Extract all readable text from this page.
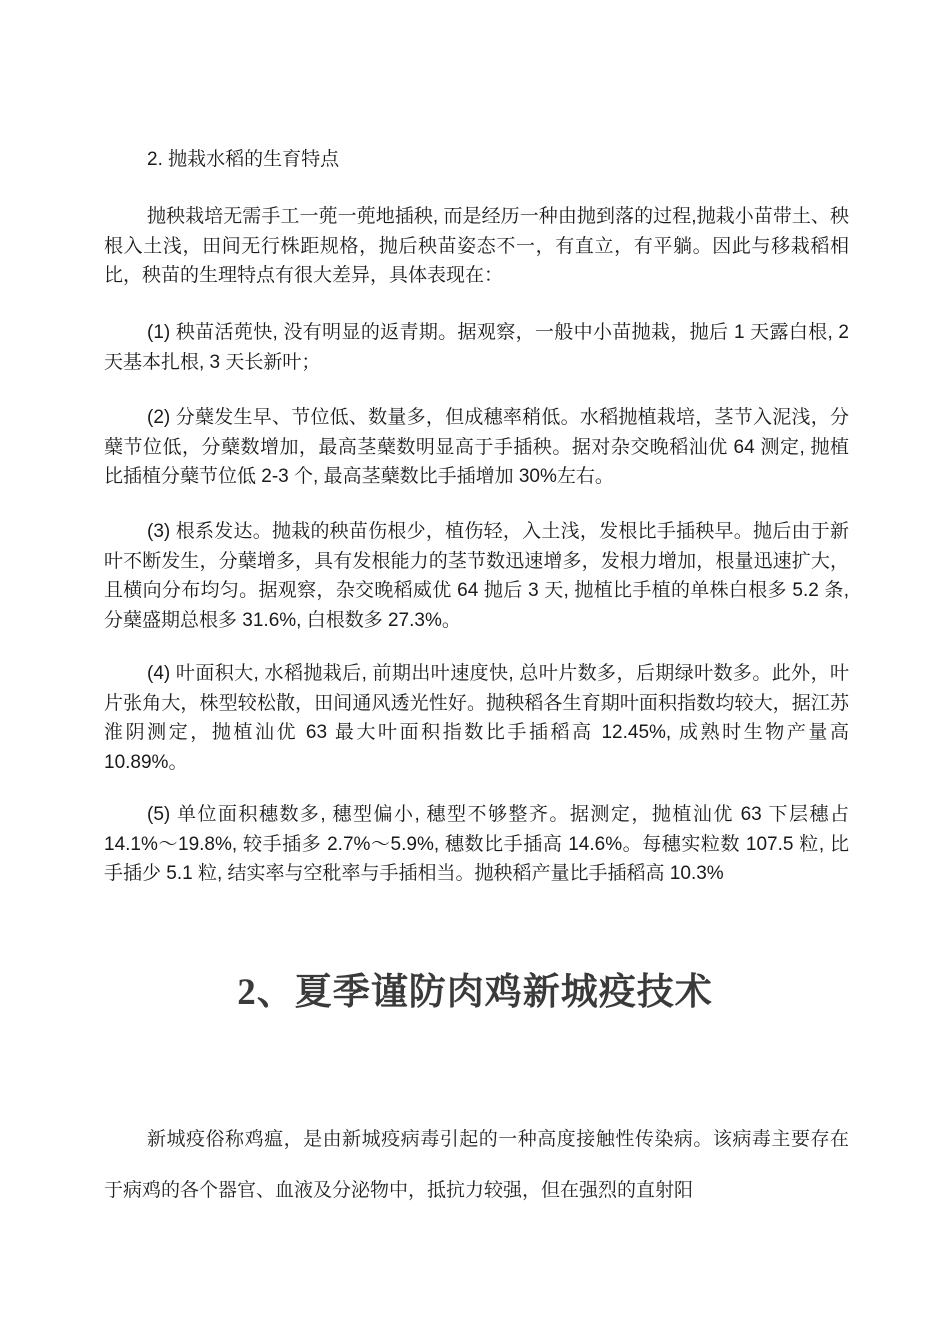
2. 抛栽水稻的生育特点

抛秧栽培无需手工一蔸一蔸地插秧, 而是经历一种由抛到落的过程,抛栽小苗带土、秧根入土浅，田间无行株距规格，抛后秧苗姿态不一，有直立，有平躺。因此与移栽稻相比，秧苗的生理特点有很大差异，具体表现在：

(1) 秧苗活蔸快, 没有明显的返青期。据观察，一般中小苗抛栽，抛后 1 天露白根, 2 天基本扎根, 3 天长新叶；

(2) 分蘖发生早、节位低、数量多，但成穗率稍低。水稻抛植栽培，茎节入泥浅，分蘖节位低，分蘖数增加，最高茎蘖数明显高于手插秧。据对杂交晚稻汕优 64 测定, 抛植比插植分蘖节位低 2-3 个, 最高茎蘖数比手插增加 30%左右。

(3) 根系发达。抛栽的秧苗伤根少，植伤轻，入土浅，发根比手插秧早。抛后由于新叶不断发生，分蘖增多，具有发根能力的茎节数迅速增多，发根力增加，根量迅速扩大，且横向分布均匀。据观察，杂交晚稻威优 64 抛后 3 天, 抛植比手植的单株白根多 5.2 条, 分蘖盛期总根多 31.6%, 白根数多 27.3%。

(4) 叶面积大, 水稻抛栽后, 前期出叶速度快, 总叶片数多，后期绿叶数多。此外，叶片张角大，株型较松散，田间通风透光性好。抛秧稻各生育期叶面积指数均较大，据江苏淮阴测定，抛植汕优 63 最大叶面积指数比手插稻高 12.45%, 成熟时生物产量高 10.89%。

(5) 单位面积穗数多, 穗型偏小, 穗型不够整齐。据测定，抛植汕优 63 下层穗占 14.1%～19.8%, 较手插多 2.7%～5.9%, 穗数比手插高 14.6%。每穗实粒数 107.5 粒, 比手插少 5.1 粒, 结实率与空秕率与手插相当。抛秧稻产量比手插稻高 10.3%

2、夏季谨防肉鸡新城疫技术

新城疫俗称鸡瘟，是由新城疫病毒引起的一种高度接触性传染病。该病毒主要存在于病鸡的各个器官、血液及分泌物中，抵抗力较强，但在强烈的直射阳
